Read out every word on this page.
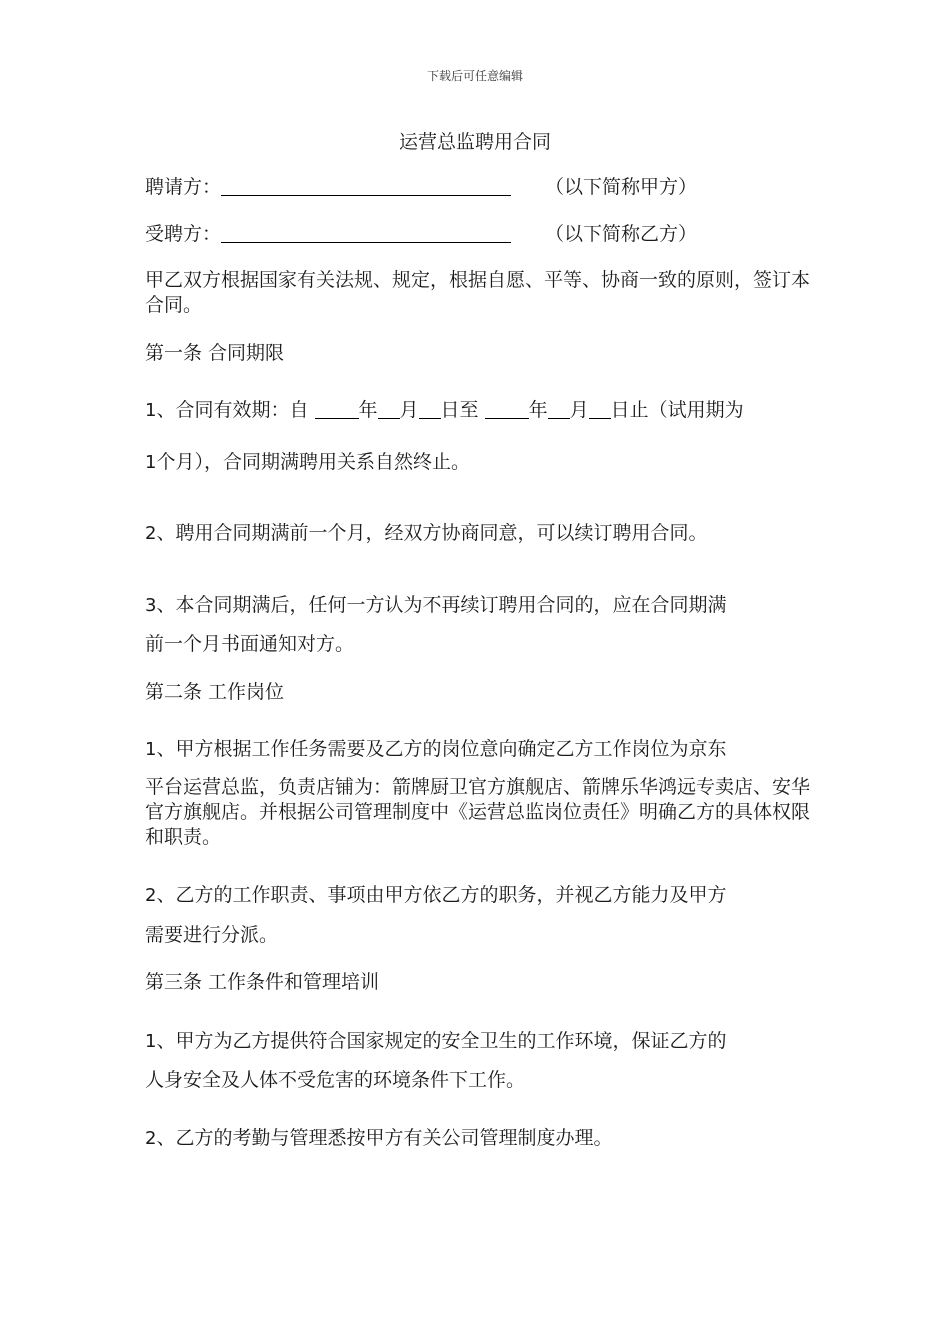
下载后可任意编辑
运营总监聘用合同
聘请方：	（以下简称甲方）
受聘方：	（以下简称乙方）
甲乙双方根据国家有关法规、规定，根据自愿、平等、协商一致的原则，签订本合同。
第一条 合同期限
1、合同有效期：自	年 月 日至	年 月 日止（试用期为
1个月），合同期满聘用关系自然终止。
2、聘用合同期满前一个月，经双方协商同意，可以续订聘用合同。
3、本合同期满后，任何一方认为不再续订聘用合同的，应在合同期满
前一个月书面通知对方。
第二条 工作岗位
1、甲方根据工作任务需要及乙方的岗位意向确定乙方工作岗位为京东
平台运营总监，负责店铺为：箭牌厨卫官方旗舰店、箭牌乐华鸿远专卖店、安华官方旗舰店。并根据公司管理制度中《运营总监岗位责任》明确乙方的具体权限和职责。
2、乙方的工作职责、事项由甲方依乙方的职务，并视乙方能力及甲方
需要进行分派。
第三条 工作条件和管理培训
1、甲方为乙方提供符合国家规定的安全卫生的工作环境，保证乙方的
人身安全及人体不受危害的环境条件下工作。
2、乙方的考勤与管理悉按甲方有关公司管理制度办理。
